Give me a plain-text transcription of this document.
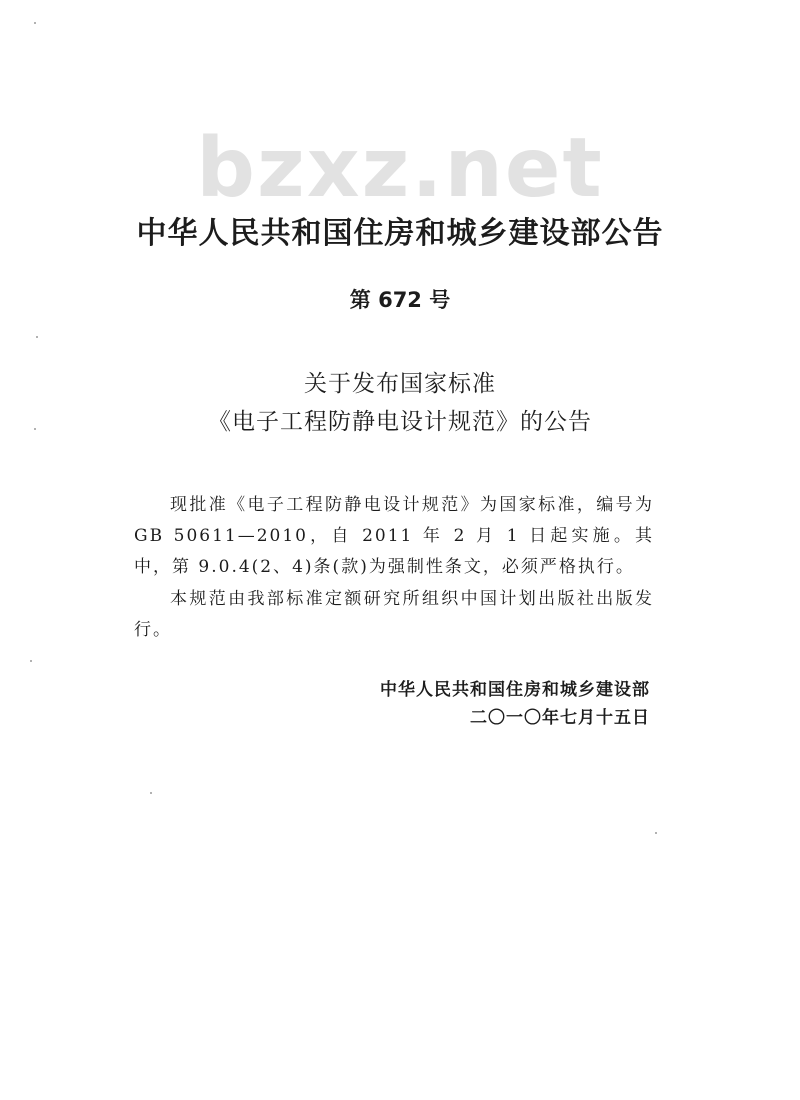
bzxz.net
中华人民共和国住房和城乡建设部公告
第 672 号
关于发布国家标准
《电子工程防静电设计规范》的公告

现批准《电子工程防静电设计规范》为国家标准，编号为GB 50611—2010，自 2011 年 2 月 1 日起实施。其中，第 9.0.4(2、4)条(款)为强制性条文，必须严格执行。

本规范由我部标准定额研究所组织中国计划出版社出版发行。

中华人民共和国住房和城乡建设部
二〇一〇年七月十五日
